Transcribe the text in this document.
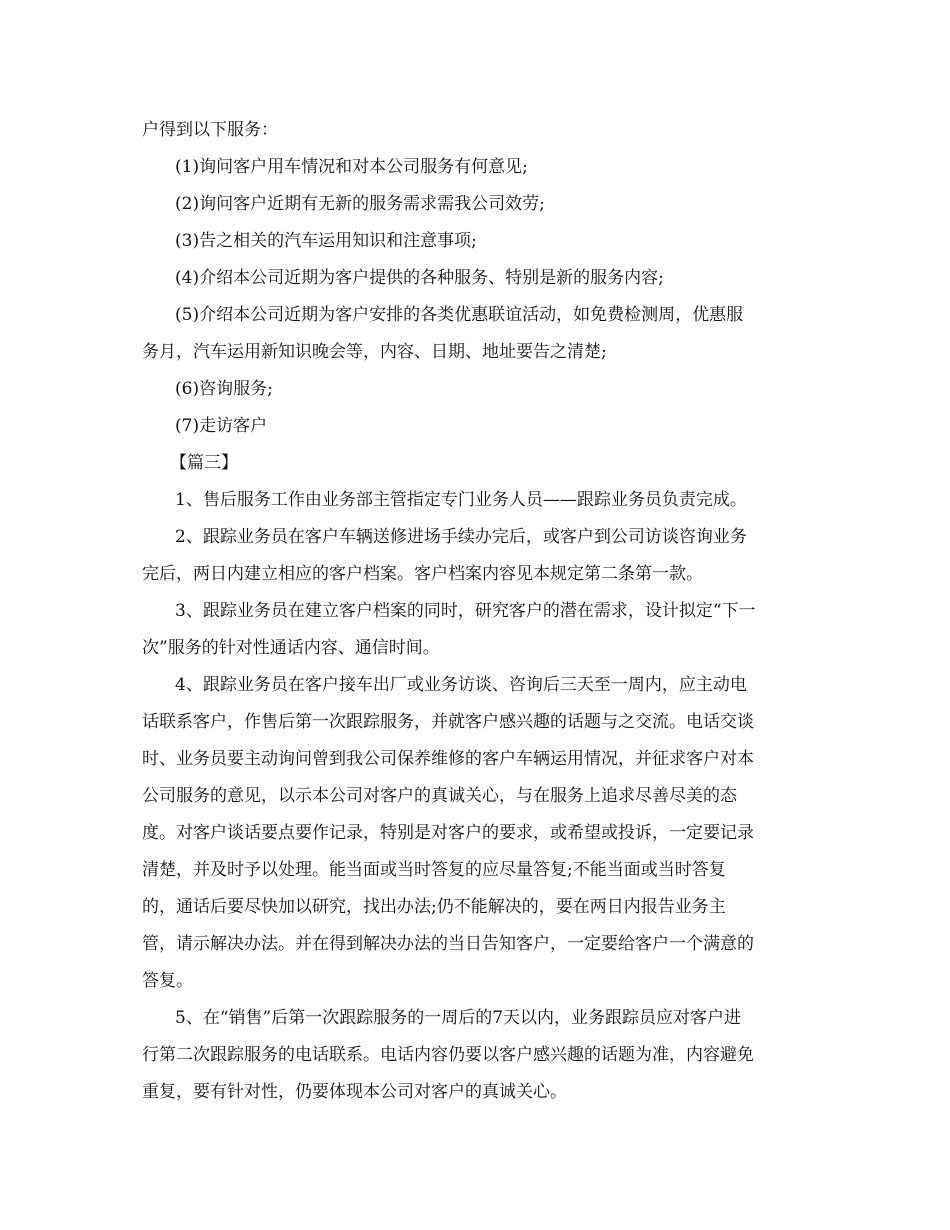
户得到以下服务：
(1)询问客户用车情况和对本公司服务有何意见;
(2)询问客户近期有无新的服务需求需我公司效劳;
(3)告之相关的汽车运用知识和注意事项;
(4)介绍本公司近期为客户提供的各种服务、特别是新的服务内容;
(5)介绍本公司近期为客户安排的各类优惠联谊活动，如免费检测周，优惠服
务月，汽车运用新知识晚会等，内容、日期、地址要告之清楚;
(6)咨询服务;
(7)走访客户
【篇三】
1、售后服务工作由业务部主管指定专门业务人员——跟踪业务员负责完成。
2、跟踪业务员在客户车辆送修进场手续办完后，或客户到公司访谈咨询业务
完后，两日内建立相应的客户档案。客户档案内容见本规定第二条第一款。
3、跟踪业务员在建立客户档案的同时，研究客户的潜在需求，设计拟定“下一
次”服务的针对性通话内容、通信时间。
4、跟踪业务员在客户接车出厂或业务访谈、咨询后三天至一周内，应主动电
话联系客户，作售后第一次跟踪服务，并就客户感兴趣的话题与之交流。电话交谈
时、业务员要主动询问曾到我公司保养维修的客户车辆运用情况，并征求客户对本
公司服务的意见，以示本公司对客户的真诚关心，与在服务上追求尽善尽美的态
度。对客户谈话要点要作记录，特别是对客户的要求，或希望或投诉，一定要记录
清楚，并及时予以处理。能当面或当时答复的应尽量答复;不能当面或当时答复
的，通话后要尽快加以研究，找出办法;仍不能解决的，要在两日内报告业务主
管，请示解决办法。并在得到解决办法的当日告知客户，一定要给客户一个满意的
答复。
5、在“销售”后第一次跟踪服务的一周后的7天以内，业务跟踪员应对客户进
行第二次跟踪服务的电话联系。电话内容仍要以客户感兴趣的话题为准，内容避免
重复，要有针对性，仍要体现本公司对客户的真诚关心。
